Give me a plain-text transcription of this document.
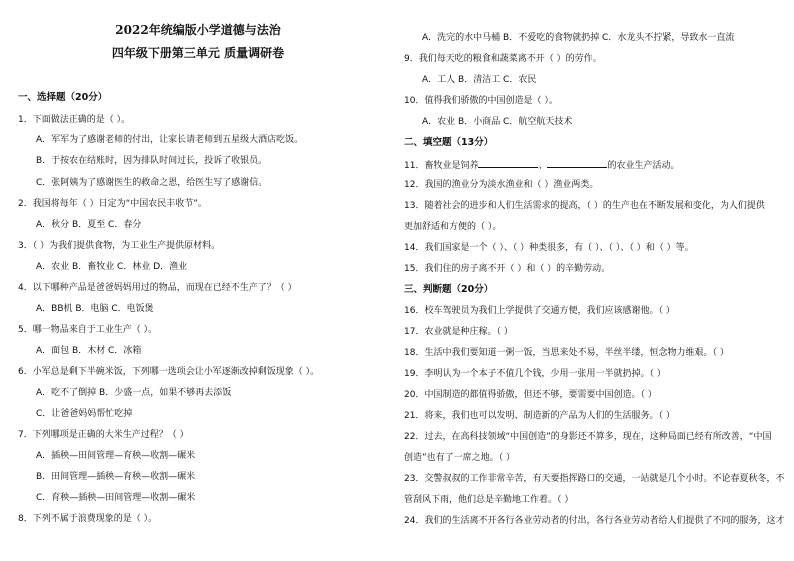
2022年统编版小学道德与法治
四年级下册第三单元 质量调研卷
一、选择题（20分）
1．下面做法正确的是（ ）。
A．军军为了感谢老师的付出，让家长请老师到五星级大酒店吃饭。
B．于按农在结账时，因为排队时间过长，投诉了收银员。
C．张阿姨为了感谢医生的救命之恩，给医生写了感谢信。
2．我国将每年（ ）日定为“中国农民丰收节”。
A．秋分 B．夏至 C．春分
3．（ ）为我们提供食物，为工业生产提供原材料。
A．农业 B．畜牧业 C．林业 D．渔业
4．以下哪种产品是爸爸妈妈用过的物品，而现在已经不生产了？（ ）
A．BB机 B．电脑 C．电饭煲
5．哪一物品来自于工业生产（ ）。
A．面包 B．木材 C．冰箱
6．小军总是剩下半碗米饭，下列哪一选项会让小军逐渐改掉剩饭现象（ ）。
A．吃不了倒掉 B．少盛一点，如果不够再去添饭
C．让爸爸妈妈帮忙吃掉
7．下列哪项是正确的大米生产过程？（ ）
A．插秧—田间管理—育秧—收割—碾米
B．田间管理—插秧—育秧—收割—碾米
C．育秧—插秧—田间管理—收割—碾米
8．下列不属于浪费现象的是（ ）。
A．洗完的水中马桶 B．不爱吃的食物就扔掉 C．水龙头不拧紧，导致水一直流
9．我们每天吃的粮食和蔬菜离不开（ ）的劳作。
A．工人 B．清洁工 C．农民
10．值得我们骄傲的中国创造是（ ）。
A．农业 B．小商品 C．航空航天技术
二、填空题（13分）
11．畜牧业是饲养	、	的农业生产活动。
12．我国的渔业分为淡水渔业和（ ）渔业两类。
13．随着社会的进步和人们生活需求的提高，（ ）的生产也在不断发展和变化，为人们提供
更加舒适和方便的（ ）。
14．我们国家是一个（ ）、（ ）种类很多，有（ ）、（ ）、（ ）和（ ）等。
15．我们住的房子离不开（ ）和（ ）的辛勤劳动。
三、判断题（20分）
16．校车驾驶员为我们上学提供了交通方便，我们应该感谢他。（ ）
17．农业就是种庄稼。（ ）
18．生活中我们要知道一粥一饭，当思来处不易，半丝半缕，恒念物力维艰。（ ）
19．李明认为一个本子不值几个钱，少用一张用一半就扔掉。（ ）
20．中国制造的都值得骄傲，但还不够，要需要中国创造。（ ）
21．将来，我们也可以发明、制造新的产品为人们的生活服务。（ ）
22．过去，在高科技领域“中国创造”的身影还不算多，现在，这种局面已经有所改善，“中国
创造”也有了一席之地。（ ）
23．交警叔叔的工作非常辛苦，有天要指挥路口的交通，一站就是几个小时。不论春夏秋冬，不
管刮风下雨，他们总是辛勤地工作着。（ ）
24．我们的生活离不开各行各业劳动者的付出，各行各业劳动者给人们提供了不同的服务，这才
